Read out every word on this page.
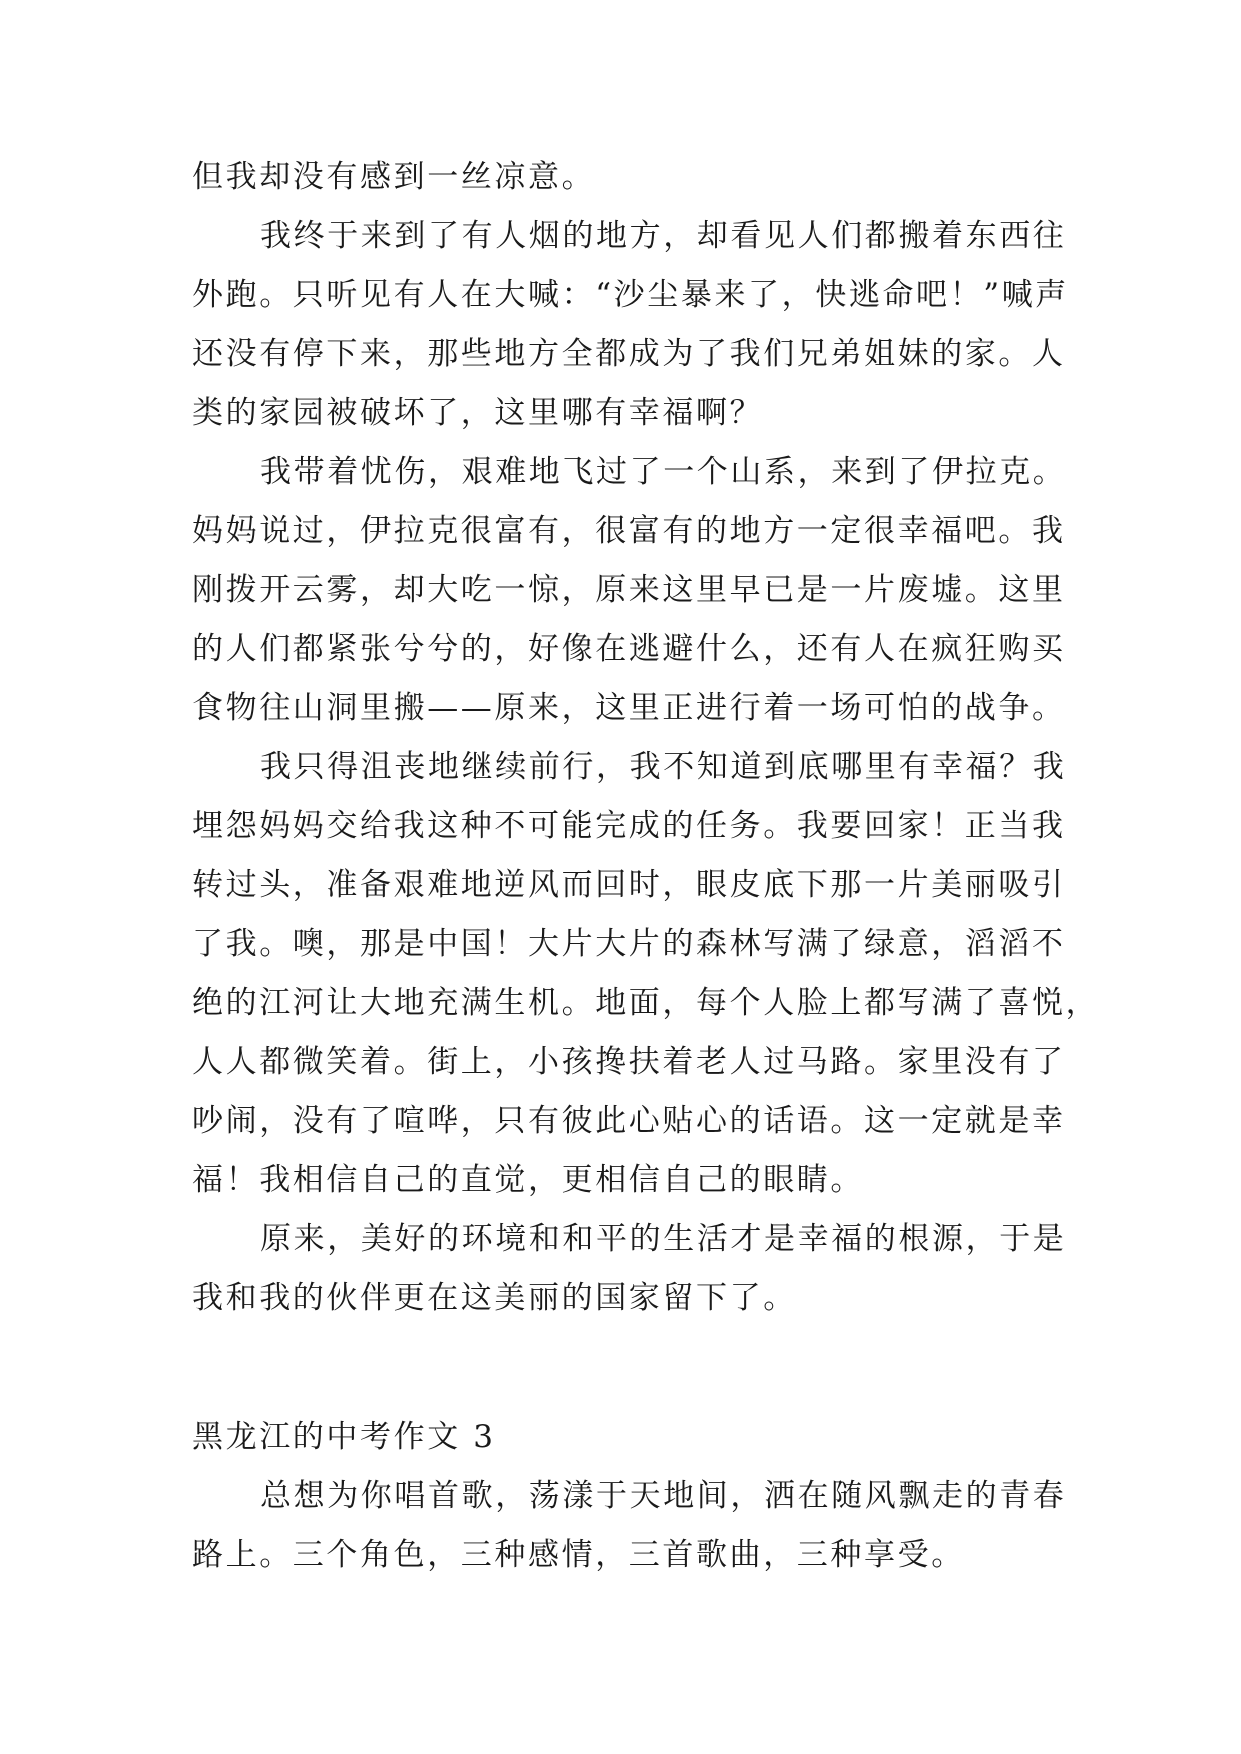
但我却没有感到一丝凉意。
我终于来到了有人烟的地方，却看见人们都搬着东西往
外跑。只听见有人在大喊：“沙尘暴来了，快逃命吧！”喊声
还没有停下来，那些地方全都成为了我们兄弟姐妹的家。人
类的家园被破坏了，这里哪有幸福啊？
我带着忧伤，艰难地飞过了一个山系，来到了伊拉克。
妈妈说过，伊拉克很富有，很富有的地方一定很幸福吧。我
刚拨开云雾，却大吃一惊，原来这里早已是一片废墟。这里
的人们都紧张兮兮的，好像在逃避什么，还有人在疯狂购买
食物往山洞里搬——原来，这里正进行着一场可怕的战争。
我只得沮丧地继续前行，我不知道到底哪里有幸福？我
埋怨妈妈交给我这种不可能完成的任务。我要回家！正当我
转过头，准备艰难地逆风而回时，眼皮底下那一片美丽吸引
了我。噢，那是中国！大片大片的森林写满了绿意，滔滔不
绝的江河让大地充满生机。地面，每个人脸上都写满了喜悦，
人人都微笑着。街上，小孩搀扶着老人过马路。家里没有了
吵闹，没有了喧哗，只有彼此心贴心的话语。这一定就是幸
福！我相信自己的直觉，更相信自己的眼睛。
原来，美好的环境和和平的生活才是幸福的根源，于是
我和我的伙伴更在这美丽的国家留下了。
黑龙江的中考作文 3
总想为你唱首歌，荡漾于天地间，洒在随风飘走的青春
路上。三个角色，三种感情，三首歌曲，三种享受。
